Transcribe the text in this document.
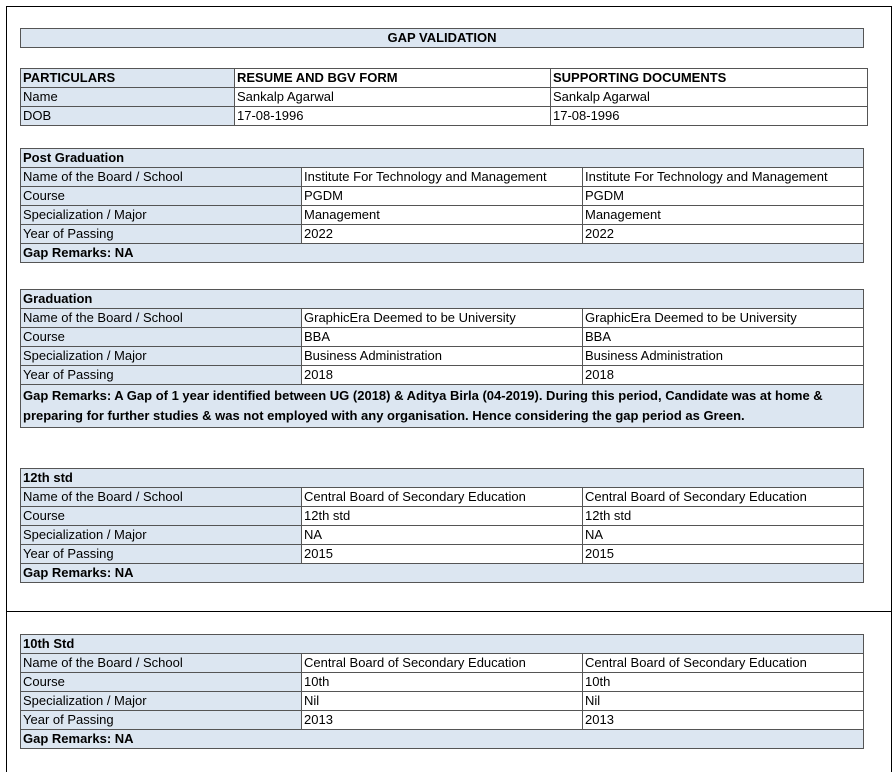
GAP VALIDATION
PARTICULARS	RESUME AND BGV FORM	SUPPORTING DOCUMENTS
Name	Sankalp Agarwal	Sankalp Agarwal
DOB	17-08-1996	17-08-1996
Post Graduation		
Name of the Board / School	Institute For Technology and Management	Institute For Technology and Management
Course	PGDM	PGDM
Specialization / Major	Management	Management
Year of Passing	2022	2022
Gap Remarks: NA		
Graduation		
Name of the Board / School	GraphicEra Deemed to be University	GraphicEra Deemed to be University
Course	BBA	BBA
Specialization / Major	Business Administration	Business Administration
Year of Passing	2018	2018
Gap Remarks: A Gap of 1 year identified between UG (2018) & Aditya Birla (04-2019). During this period, Candidate was at home & preparing for further studies & was not employed with any organisation. Hence considering the gap period as Green.		
12th std		
Name of the Board / School	Central Board of Secondary Education	Central Board of Secondary Education
Course	12th std	12th std
Specialization / Major	NA	NA
Year of Passing	2015	2015
Gap Remarks: NA		
10th Std		
Name of the Board / School	Central Board of Secondary Education	Central Board of Secondary Education
Course	10th	10th
Specialization / Major	Nil	Nil
Year of Passing	2013	2013
Gap Remarks: NA		
